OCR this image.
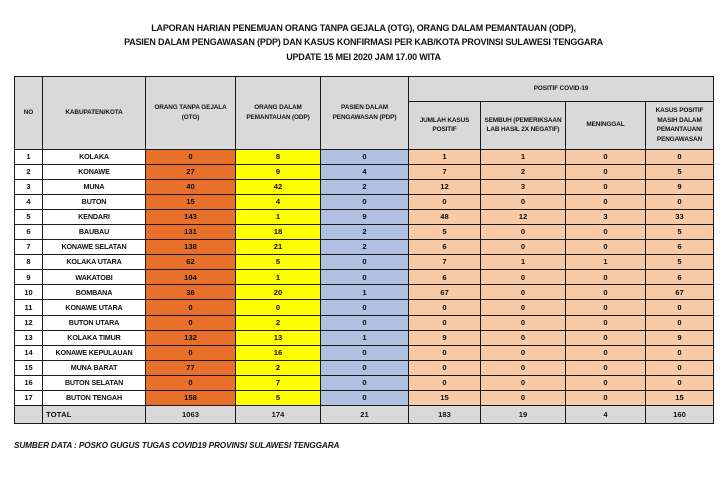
LAPORAN HARIAN PENEMUAN ORANG TANPA GEJALA (OTG), ORANG DALAM PEMANTAUAN (ODP),
PASIEN DALAM PENGAWASAN (PDP) DAN KASUS KONFIRMASI PER KAB/KOTA PROVINSI SULAWESI TENGGARA
UPDATE 15 MEI 2020 JAM 17.00 WITA
NO	KABUPATEN/KOTA	ORANG TANPA GEJALA (OTG)	ORANG DALAM PEMANTAUAN (ODP)	PASIEN DALAM PENGAWASAN (PDP)	POSITIF COVID-19			
					JUMLAH KASUS POSITIF	SEMBUH (PEMERIKSAAN LAB HASIL 2X NEGATIF)	MENINGGAL	KASUS POSITIF MASIH DALAM PEMANTAUAN/ PENGAWASAN
1	KOLAKA	0	8	0	1	1	0	0
2	KONAWE	27	9	4	7	2	0	5
3	MUNA	40	42	2	12	3	0	9
4	BUTON	15	4	0	0	0	0	0
5	KENDARI	143	1	9	48	12	3	33
6	BAUBAU	131	18	2	5	0	0	5
7	KONAWE SELATAN	138	21	2	6	0	0	6
8	KOLAKA UTARA	62	5	0	7	1	1	5
9	WAKATOBI	104	1	0	6	0	0	6
10	BOMBANA	36	20	1	67	0	0	67
11	KONAWE UTARA	0	0	0	0	0	0	0
12	BUTON UTARA	0	2	0	0	0	0	0
13	KOLAKA TIMUR	132	13	1	9	0	0	9
14	KONAWE KEPULAUAN	0	16	0	0	0	0	0
15	MUNA BARAT	77	2	0	0	0	0	0
16	BUTON SELATAN	0	7	0	0	0	0	0
17	BUTON TENGAH	158	5	0	15	0	0	15
	TOTAL	1063	174	21	183	19	4	160
SUMBER DATA : POSKO GUGUS TUGAS COVID19 PROVINSI SULAWESI TENGGARA
